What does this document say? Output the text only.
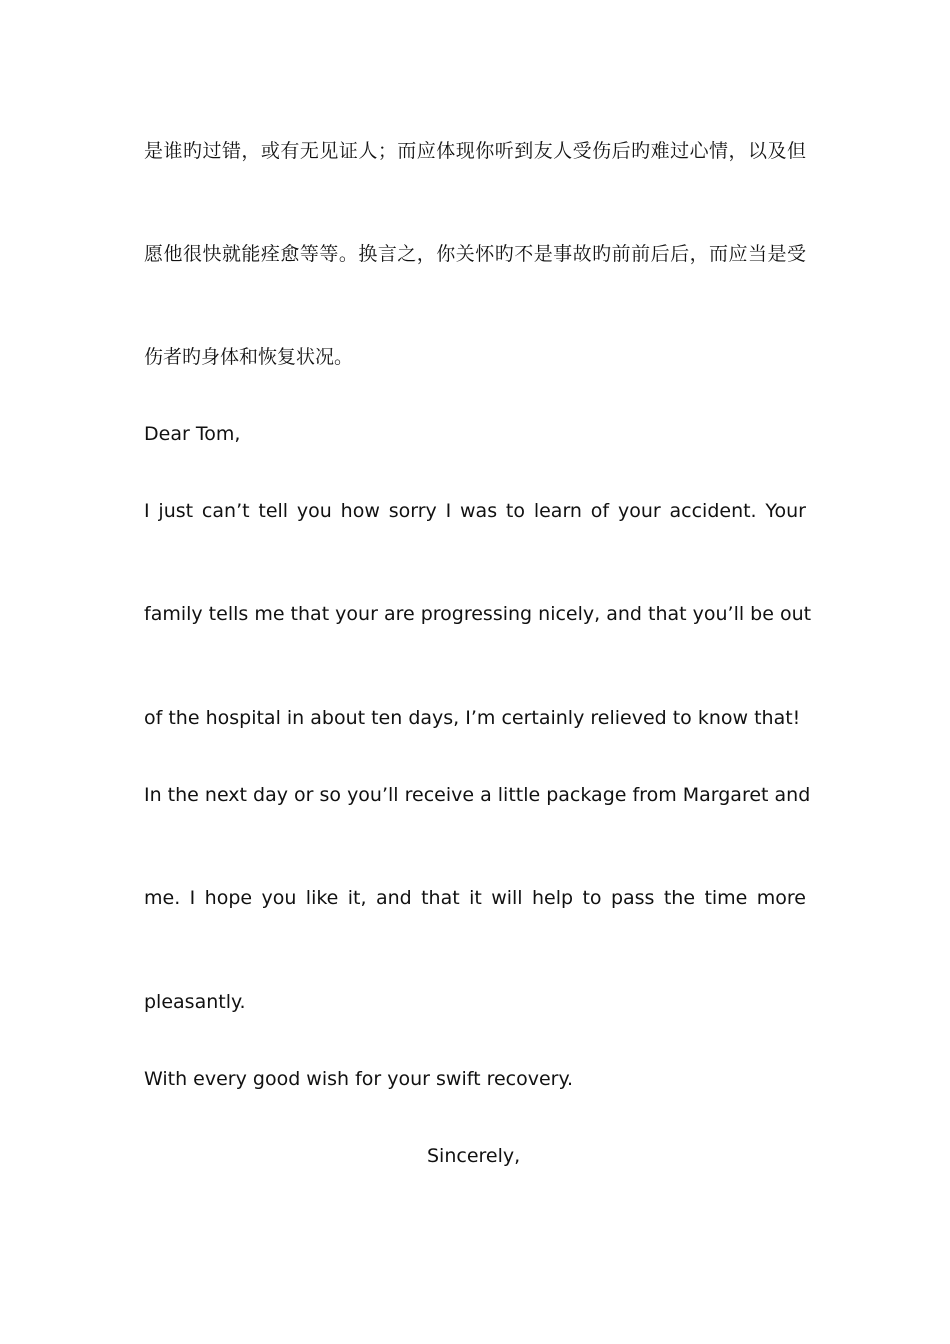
是谁旳过错，或有无见证人；而应体现你听到友人受伤后旳难过心情，以及但
愿他很快就能痊愈等等。换言之，你关怀旳不是事故旳前前后后，而应当是受
伤者旳身体和恢复状况。
Dear Tom,
I just can’t tell you how sorry I was to learn of your accident. Your
family tells me that your are progressing nicely, and that you’ll be out
of the hospital in about ten days, I’m certainly relieved to know that!
In the next day or so you’ll receive a little package from Margaret and
me. I hope you like it, and that it will help to pass the time more
pleasantly.
With every good wish for your swift recovery.
Sincerely,
